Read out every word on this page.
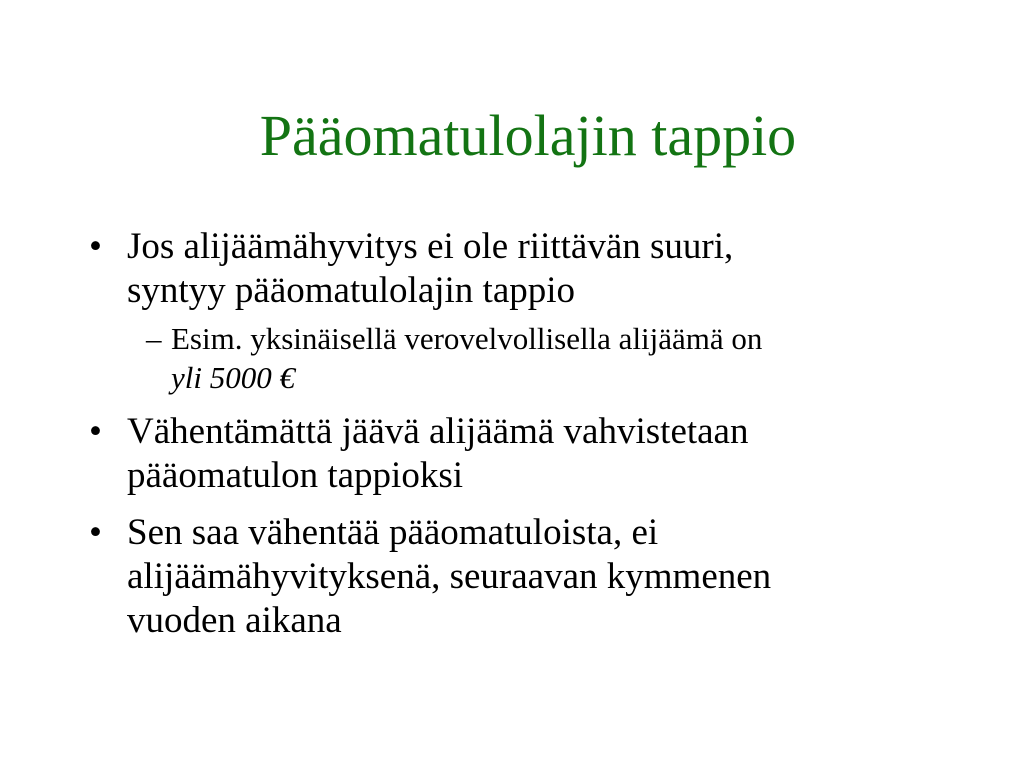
Pääomatulolajin tappio
• Jos alijäämähyvitys ei ole riittävän suuri,
syntyy pääomatulolajin tappio
– Esim. yksinäisellä verovelvollisella alijäämä on
yli 5000 €
• Vähentämättä jäävä alijäämä vahvistetaan
pääomatulon tappioksi
• Sen saa vähentää pääomatuloista, ei
alijäämähyvityksenä, seuraavan kymmenen
vuoden aikana
